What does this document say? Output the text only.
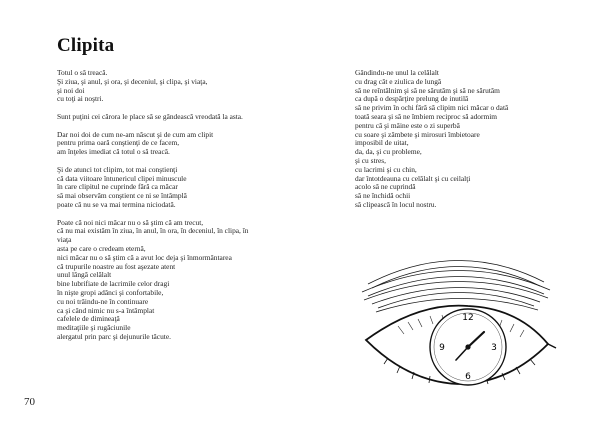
Clipita
Totul o să treacă.
Şi ziua, şi anul, şi ora, şi deceniul, şi clipa, şi viaţa,
şi noi doi
cu toţi ai noştri.
Sunt puţini cei cărora le place să se gândească vreodată la asta.
Dar noi doi de cum ne-am născut şi de cum am clipit
pentru prima oară conştienţi de ce facem,
am înţeles imediat că totul o să treacă.
Şi de atunci tot clipim, tot mai conştienţi
că data viitoare întunericul clipei minuscule
în care clipitul ne cuprinde fără ca măcar
să mai observăm conştient ce ni se întâmplă
poate că nu se va mai termina niciodată.
Poate că noi nici măcar nu o să ştim că am trecut,
că nu mai existăm în ziua, în anul, în ora, în deceniul, în clipa, în
viaţa
asta pe care o credeam eternă,
nici măcar nu o să ştim că a avut loc deja şi înmormântarea
că trupurile noastre au fost aşezate atent
unul lângă celălalt
bine lubrifiate de lacrimile celor dragi
în nişte gropi adânci şi confortabile,
cu noi trăindu-ne în continuare
ca şi când nimic nu s-a întâmplat
cafelele de dimineaţă
meditaţiile şi rugăciunile
alergatul prin parc şi dejunurile tăcute.
Gândindu-ne unul la celălalt
cu drag cât e ziulica de lungă
să ne reîntâlnim şi să ne sărutăm şi să ne sărutăm
ca după o despărţire prelung de inutilă
să ne privim în ochi fără să clipim nici măcar o dată
toată seara şi să ne îmbiem reciproc să adormim
pentru că şi mâine este o zi superbă
cu soare şi zâmbete şi mirosuri îmbietoare
imposibil de uitat,
da, da, şi cu probleme,
şi cu stres,
cu lacrimi şi cu chin,
dar întotdeauna cu celălalt şi cu ceilalţi
acolo să ne cuprindă
să ne închidă ochii
să clipească în locul nostru.
12
3
6
9
70
